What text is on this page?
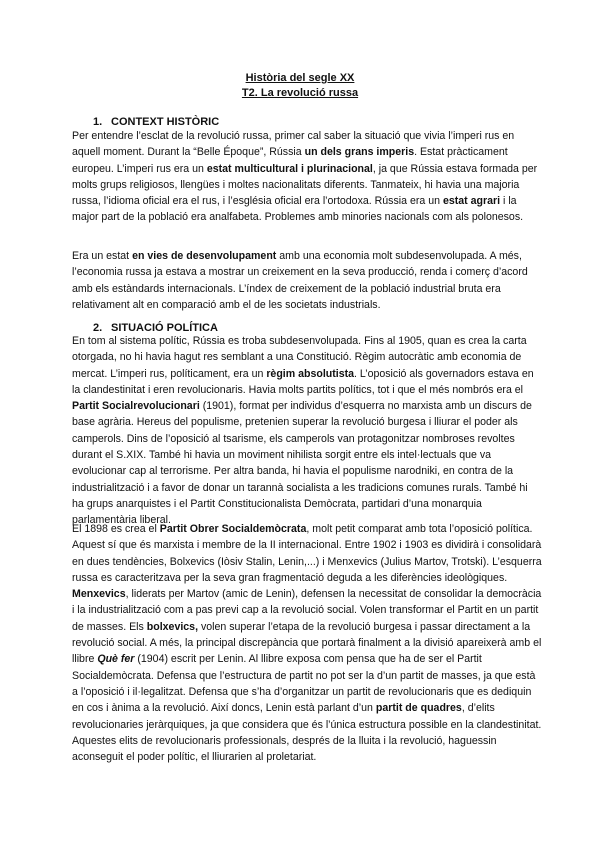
Història del segle XX
T2. La revolució russa
1. CONTEXT HISTÒRIC
Per entendre l’esclat de la revolució russa, primer cal saber la situació que vivia l’imperi rus en aquell moment. Durant la “Belle Époque”, Rússia un dels grans imperis. Estat pràcticament europeu. L’imperi rus era un estat multicultural i plurinacional, ja que Rússia estava formada per molts grups religiosos, llengües i moltes nacionalitats diferents. Tanmateix, hi havia una majoria russa, l’idioma oficial era el rus, i l’església oficial era l’ortodoxa. Rússia era un estat agrari i la major part de la població era analfabeta. Problemes amb minories nacionals com als polonesos.
Era un estat en vies de desenvolupament amb una economia molt subdesenvolupada. A més, l’economia russa ja estava a mostrar un creixement en la seva producció, renda i comerç d’acord amb els estàndards internacionals. L’índex de creixement de la població industrial bruta era relativament alt en comparació amb el de les societats industrials.
2. SITUACIÓ POLÍTICA
En tom al sistema polític, Rússia es troba subdesenvolupada. Fins al 1905, quan es crea la carta otorgada, no hi havia hagut res semblant a una Constitució. Règim autocràtic amb economia de mercat. L’imperi rus, políticament, era un règim absolutista. L’oposició als governadors estava en la clandestinitat i eren revolucionaris. Havia molts partits polítics, tot i que el més nombrós era el Partit Socialrevolucionari (1901), format per individus d’esquerra no marxista amb un discurs de base agrària. Hereus del populisme, pretenien superar la revolució burgesa i lliurar el poder als camperols. Dins de l’oposició al tsarisme, els camperols van protagonitzar nombroses revoltes durant el S.XIX. També hi havia un moviment nihilista sorgit entre els intel·lectuals que va evolucionar cap al terrorisme. Per altra banda, hi havia el populisme narodniki, en contra de la industrialització i a favor de donar un tarannà socialista a les tradicions comunes rurals. També hi ha grups anarquistes i el Partit Constitucionalista Demòcrata, partidari d’una monarquia parlamentària liberal.
El 1898 es crea el Partit Obrer Socialdemòcrata, molt petit comparat amb tota l’oposició política. Aquest sí que és marxista i membre de la II internacional. Entre 1902 i 1903 es dividirà i consolidarà en dues tendències, Bolxevics (Iòsiv Stalin, Lenin,...) i Menxevics (Julius Martov, Trotski). L’esquerra russa es caracteritzava per la seva gran fragmentació deguda a les diferències ideològiques. Menxevics, liderats per Martov (amic de Lenin), defensen la necessitat de consolidar la democràcia i la industrialització com a pas previ cap a la revolució social. Volen transformar el Partit en un partit de masses. Els bolxevics, volen superar l’etapa de la revolució burgesa i passar directament a la revolució social. A més, la principal discrepància que portarà finalment a la divisió apareixerà amb el llibre Què fer (1904) escrit per Lenin. Al llibre exposa com pensa que ha de ser el Partit Socialdemòcrata. Defensa que l’estructura de partit no pot ser la d’un partit de masses, ja que està a l’oposició i il·legalitzat. Defensa que s’ha d’organitzar un partit de revolucionaris que es dediquin en cos i ànima a la revolució. Així doncs, Lenin està parlant d’un partit de quadres, d’elits revolucionaries jeràrquiques, ja que considera que és l’única estructura possible en la clandestinitat. Aquestes elits de revolucionaris professionals, després de la lluita i la revolució, haguessin aconseguit el poder polític, el lliurarien al proletariat.
